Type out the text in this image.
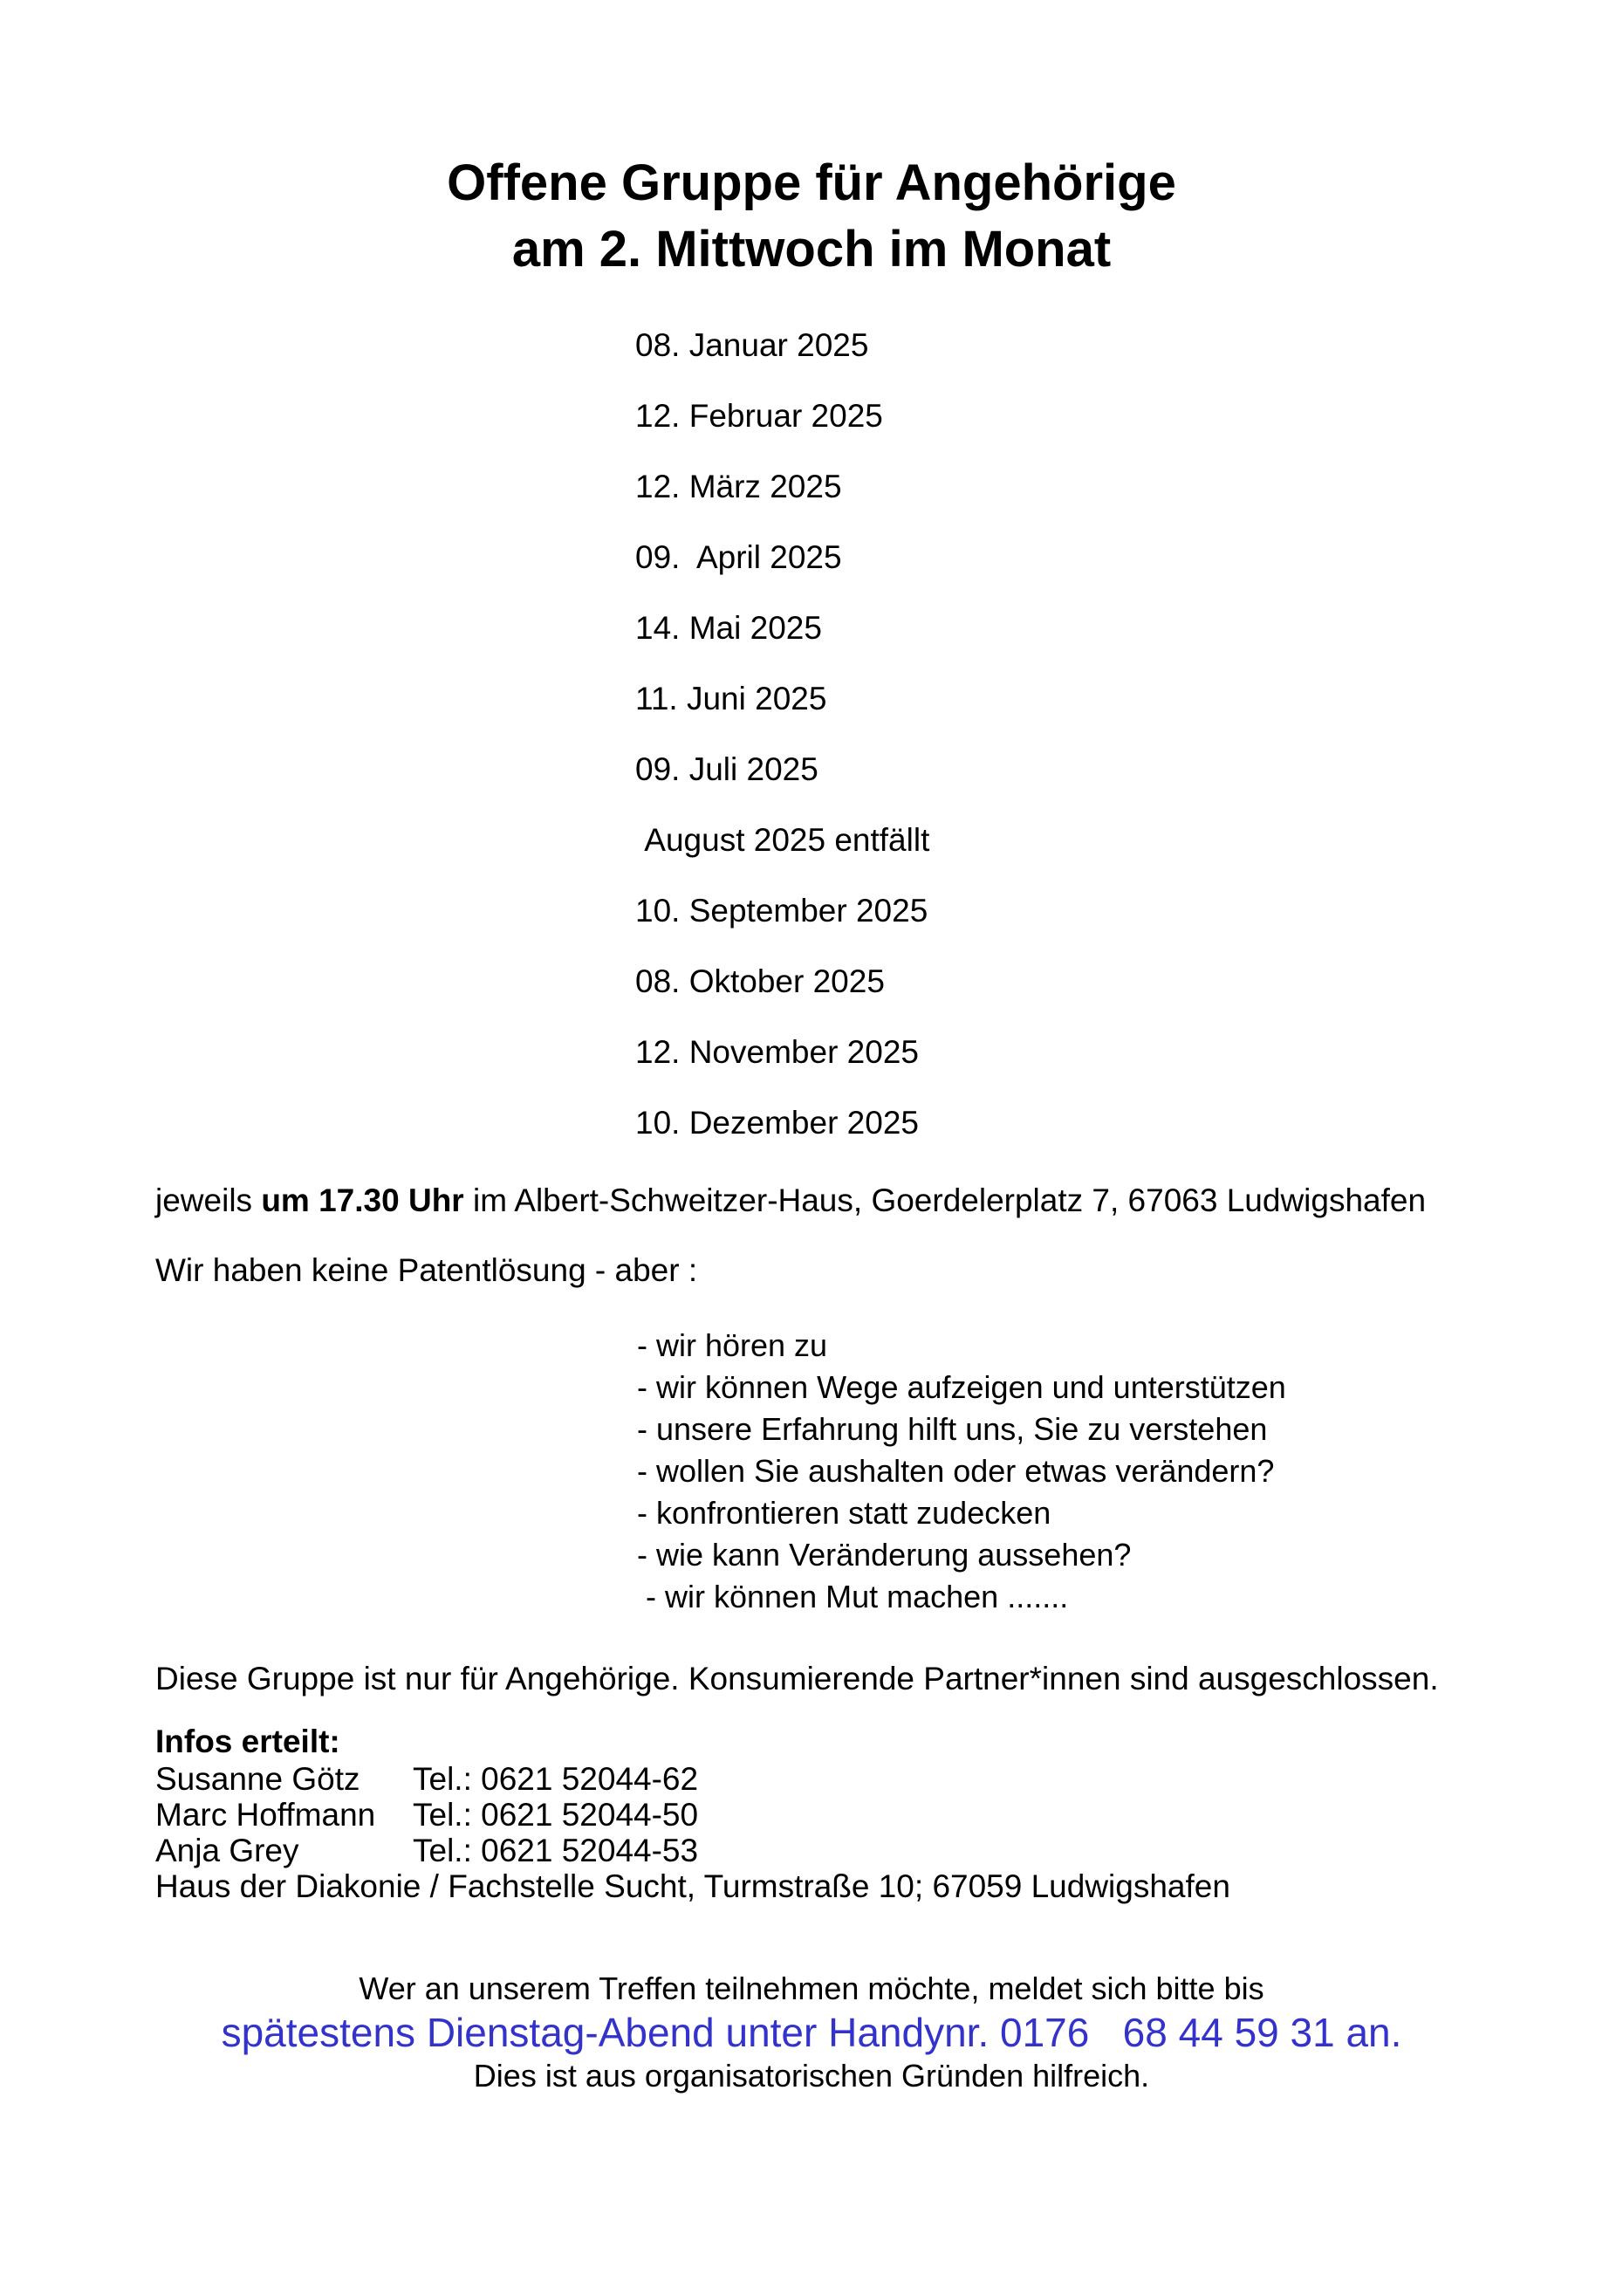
Offene Gruppe für Angehörige
am 2. Mittwoch im Monat
08. Januar 2025
12. Februar 2025
12. März 2025
09.  April 2025
14. Mai 2025
11. Juni 2025
09. Juli 2025
August 2025 entfällt
10. September 2025
08. Oktober 2025
12. November 2025
10. Dezember 2025

jeweils um 17.30 Uhr im Albert-Schweitzer-Haus, Goerdelerplatz 7, 67063 Ludwigshafen

Wir haben keine Patentlösung - aber :

- wir hören zu
- wir können Wege aufzeigen und unterstützen
- unsere Erfahrung hilft uns, Sie zu verstehen
- wollen Sie aushalten oder etwas verändern?
- konfrontieren statt zudecken
- wie kann Veränderung aussehen?
- wir können Mut machen .......

Diese Gruppe ist nur für Angehörige. Konsumierende Partner*innen sind ausgeschlossen.

Infos erteilt:
Susanne Götz	Tel.: 0621 52044-62
Marc Hoffmann	Tel.: 0621 52044-50
Anja Grey	Tel.: 0621 52044-53
Haus der Diakonie / Fachstelle Sucht, Turmstraße 10; 67059 Ludwigshafen
Wer an unserem Treffen teilnehmen möchte, meldet sich bitte bis
spätestens Dienstag-Abend unter Handynr. 0176   68 44 59 31 an.
Dies ist aus organisatorischen Gründen hilfreich.
